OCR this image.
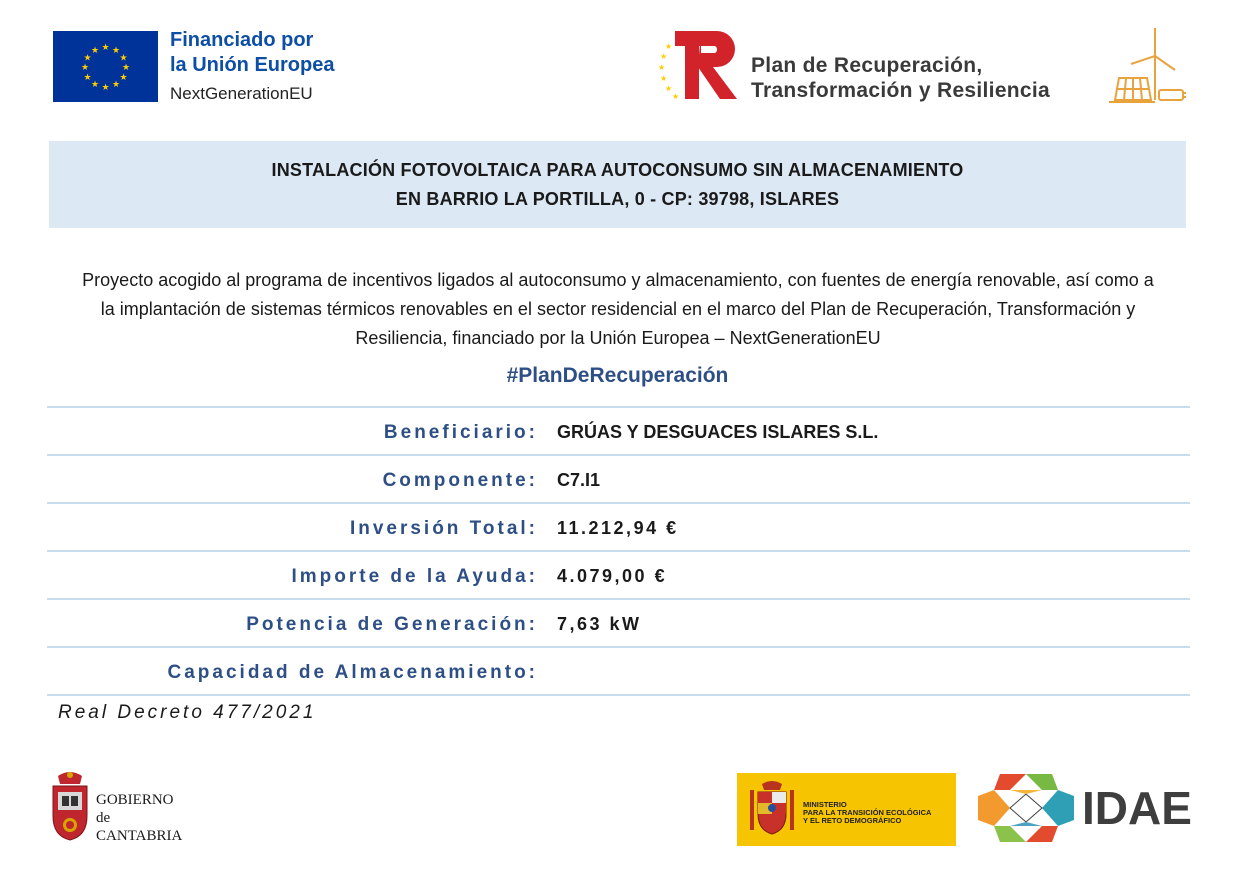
★ ★
★
★
★
★
★
★
★
★
★
★	Financiado por
la Unión Europea
NextGenerationEU
★
★
★
★
★
★
Plan de Recuperación,
Transformación y Resiliencia
INSTALACIÓN FOTOVOLTAICA PARA AUTOCONSUMO SIN ALMACENAMIENTO
EN BARRIO LA PORTILLA, 0 - CP: 39798, ISLARES
Proyecto acogido al programa de incentivos ligados al autoconsumo y almacenamiento, con fuentes de energía renovable, así como a la implantación de sistemas térmicos renovables en el sector residencial en el marco del Plan de Recuperación, Transformación y Resiliencia, financiado por la Unión Europea – NextGenerationEU
#PlanDeRecuperación
Beneficiario: GRÚAS Y DESGUACES ISLARES S.L.
Componente: C7.I1
Inversión Total: 11.212,94 €
Importe de la Ayuda: 4.079,00 €
Potencia de Generación: 7,63 kW
Capacidad de Almacenamiento:
Real Decreto 477/2021
GOBIERNO
de
CANTABRIA
MINISTERIO
PARA LA TRANSICIÓN ECOLÓGICA
Y EL RETO DEMOGRÁFICO	IDAE
